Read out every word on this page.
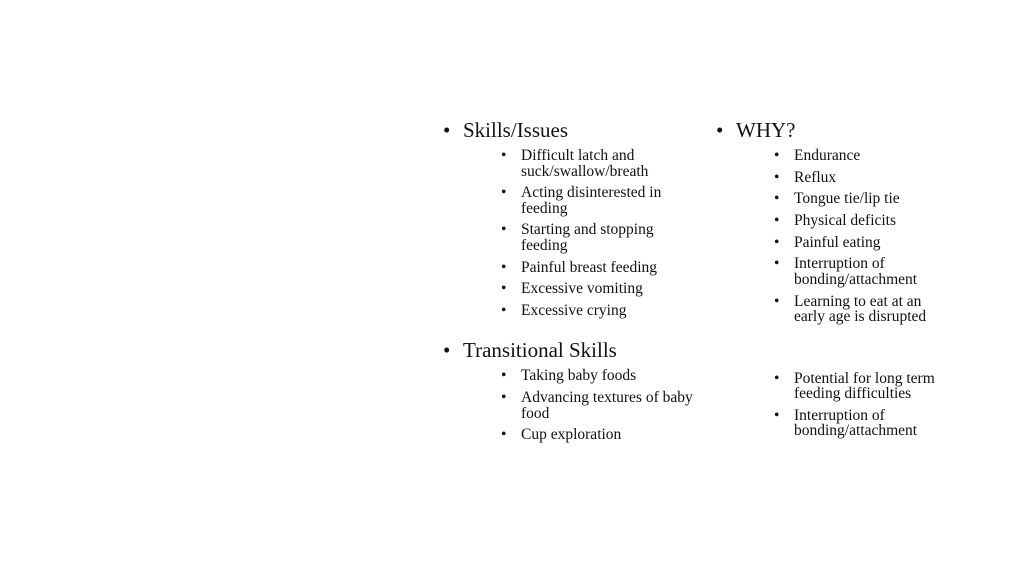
• Skills/Issues
• Difficult latch and suck/swallow/breath
• Acting disinterested in feeding
• Starting and stopping feeding
• Painful breast feeding
• Excessive vomiting
• Excessive crying
• Transitional Skills
• Taking baby foods
• Advancing textures of baby food
• Cup exploration
• WHY?
• Endurance
• Reflux
• Tongue tie/lip tie
• Physical deficits
• Painful eating
• Interruption of bonding/attachment
• Learning to eat at an early age is disrupted
• Potential for long term feeding difficulties
• Interruption of bonding/attachment
